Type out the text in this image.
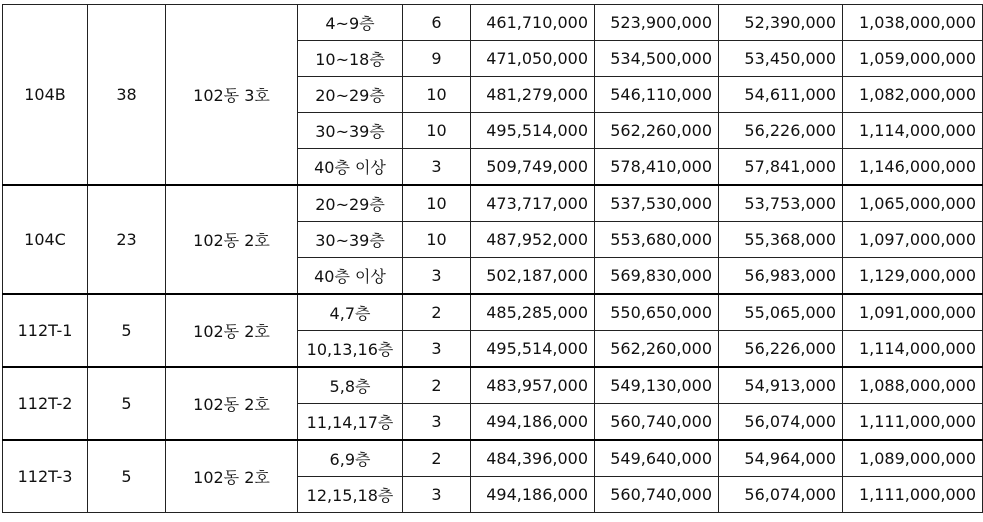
104B	38	102동 3호	4~9층	6	461,710,000	523,900,000	52,390,000	1,038,000,000
			10~18층	9	471,050,000	534,500,000	53,450,000	1,059,000,000
			20~29층	10	481,279,000	546,110,000	54,611,000	1,082,000,000
			30~39층	10	495,514,000	562,260,000	56,226,000	1,114,000,000
			40층 이상	3	509,749,000	578,410,000	57,841,000	1,146,000,000
104C	23	102동 2호	20~29층	10	473,717,000	537,530,000	53,753,000	1,065,000,000
			30~39층	10	487,952,000	553,680,000	55,368,000	1,097,000,000
			40층 이상	3	502,187,000	569,830,000	56,983,000	1,129,000,000
112T-1	5	102동 2호	4,7층	2	485,285,000	550,650,000	55,065,000	1,091,000,000
			10,13,16층	3	495,514,000	562,260,000	56,226,000	1,114,000,000
112T-2	5	102동 2호	5,8층	2	483,957,000	549,130,000	54,913,000	1,088,000,000
			11,14,17층	3	494,186,000	560,740,000	56,074,000	1,111,000,000
112T-3	5	102동 2호	6,9층	2	484,396,000	549,640,000	54,964,000	1,089,000,000
			12,15,18층	3	494,186,000	560,740,000	56,074,000	1,111,000,000
